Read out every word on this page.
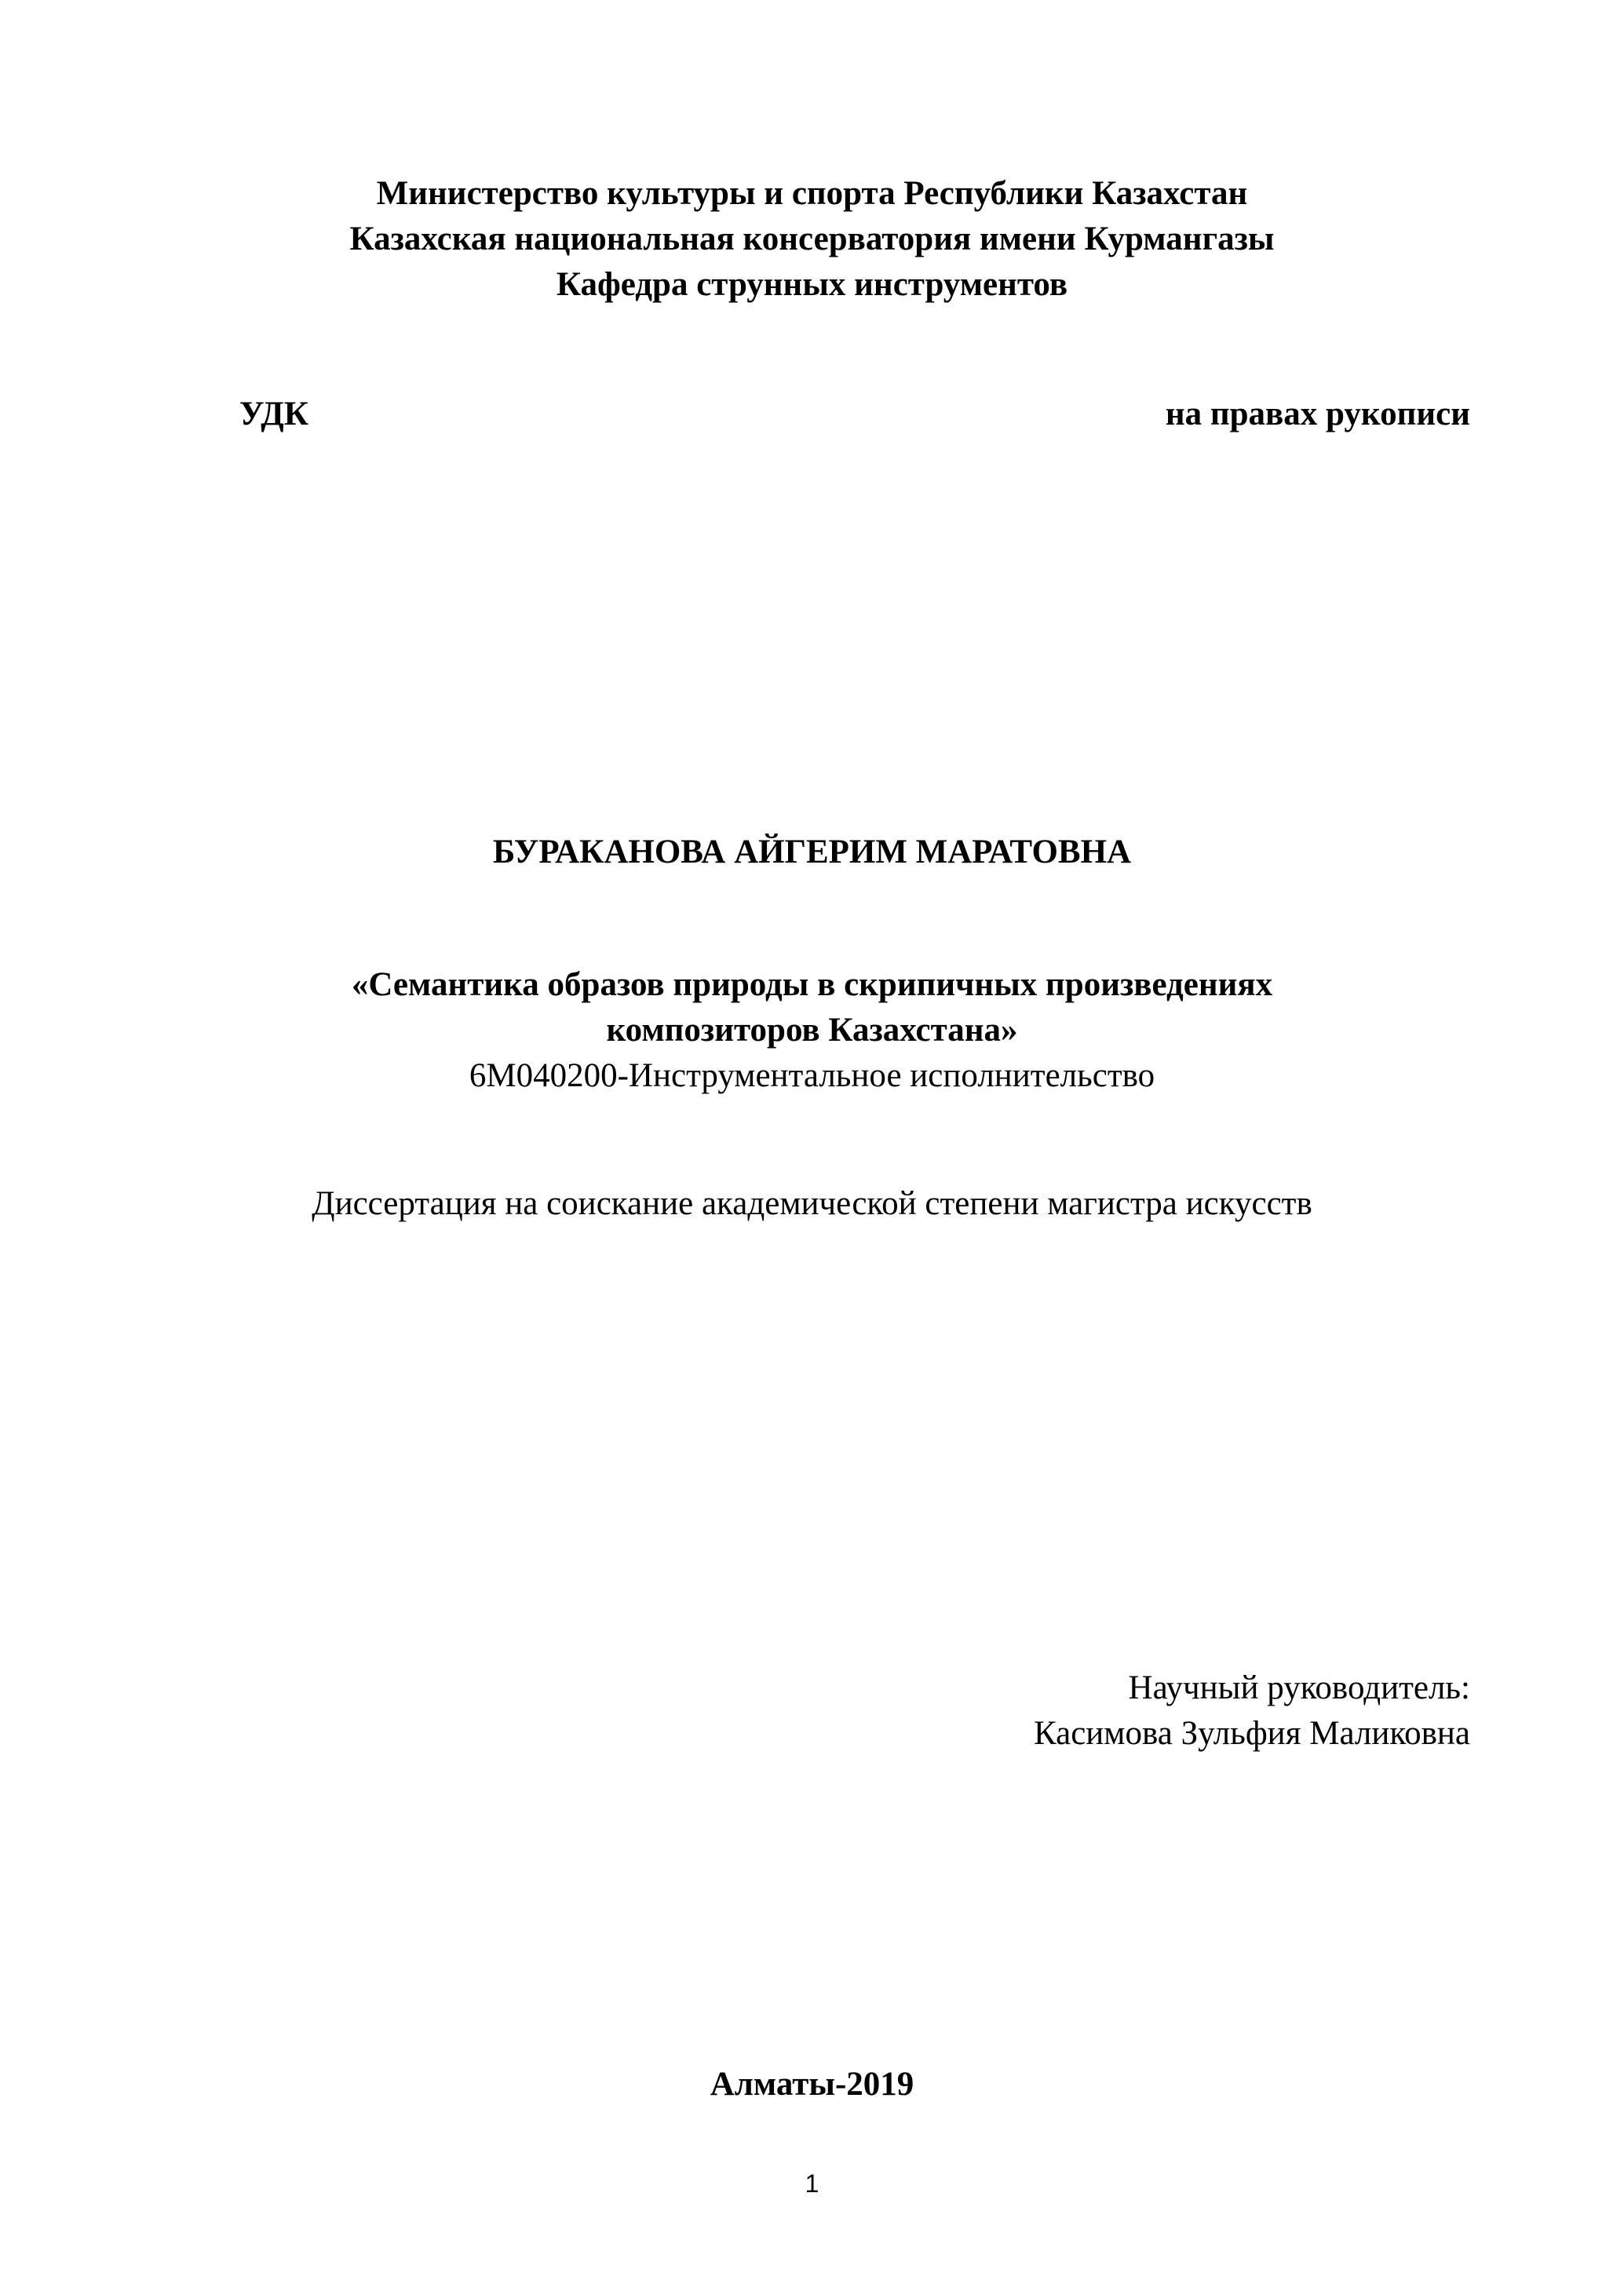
Министерство культуры и спорта Республики Казахстан
Казахская национальная консерватория имени Курмангазы
Кафедра струнных инструментов
УДК	на правах рукописи
БУРАКАНОВА АЙГЕРИМ МАРАТОВНА
«Семантика образов природы в скрипичных произведениях
композиторов Казахстана»
6М040200-Инструментальное исполнительство
Диссертация на соискание академической степени магистра искусств
Научный руководитель:
Касимова Зульфия Маликовна
Алматы-2019
1
